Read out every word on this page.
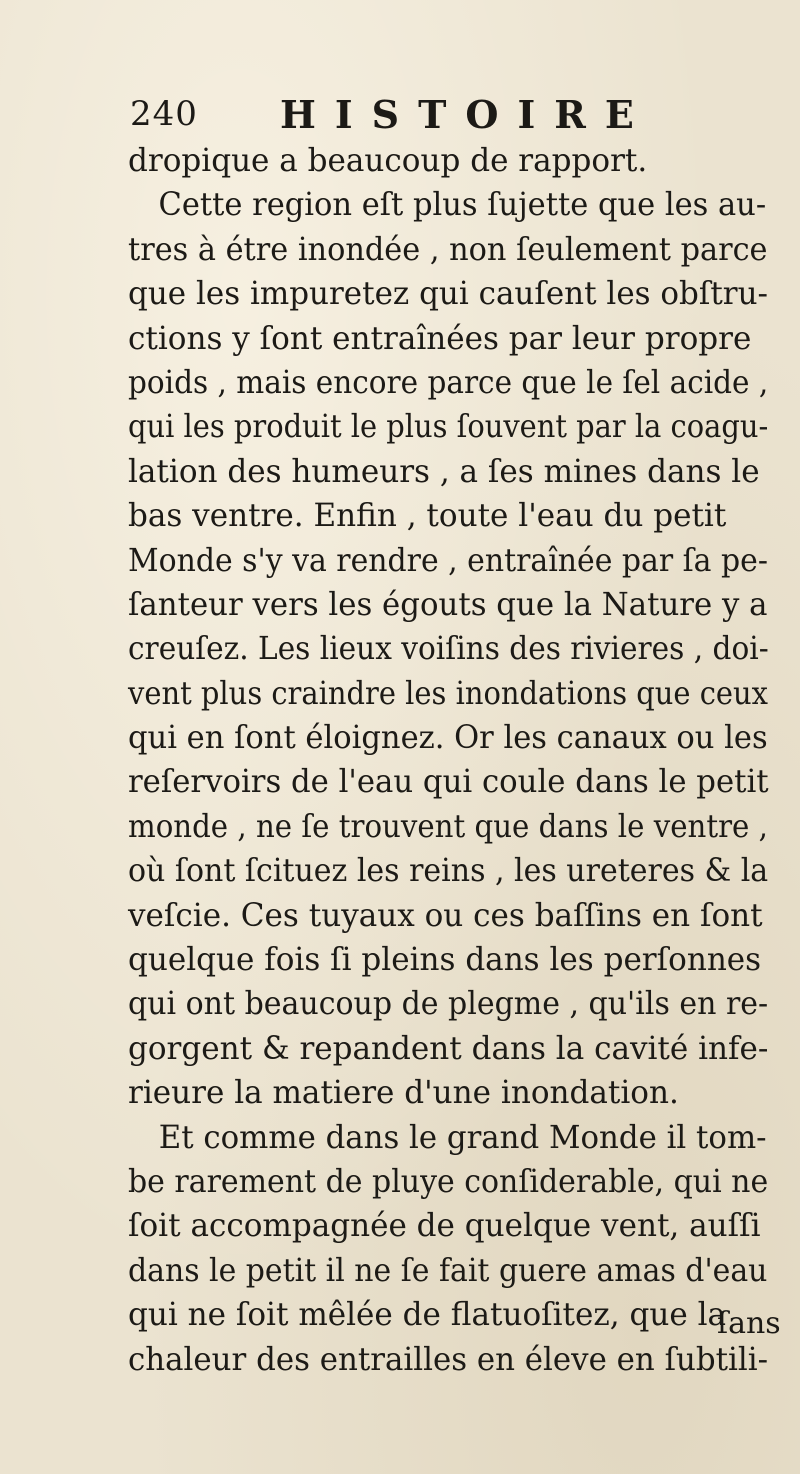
240 HISTOIRE
dropique a beaucoup de rapport.
Cette region eſt plus ſujette que les au-
tres à étre inondée , non ſeulement parce
que les impuretez qui cauſent les obſtru-
ctions y ſont entraînées par leur propre
poids , mais encore parce que le ſel acide ,
qui les produit le plus ſouvent par la coagu-
lation des humeurs , a ſes mines dans le
bas ventre. Enfin , toute l'eau du petit
Monde s'y va rendre , entraînée par ſa pe-
ſanteur vers les égouts que la Nature y a
creuſez. Les lieux voiſins des rivieres , doi-
vent plus craindre les inondations que ceux
qui en ſont éloignez. Or les canaux ou les
reſervoirs de l'eau qui coule dans le petit
monde , ne ſe trouvent que dans le ventre ,
où ſont ſcituez les reins , les ureteres & la
veſcie. Ces tuyaux ou ces baſſins en ſont
quelque fois ſi pleins dans les perſonnes
qui ont beaucoup de plegme , qu'ils en re-
gorgent & repandent dans la cavité infe-
rieure la matiere d'une inondation.
Et comme dans le grand Monde il tom-
be rarement de pluye conſiderable, qui ne
ſoit accompagnée de quelque vent, auſſi
dans le petit il ne ſe fait guere amas d'eau
qui ne ſoit mêlée de flatuoſitez, que la
chaleur des entrailles en éleve en ſubtili-
ſans
